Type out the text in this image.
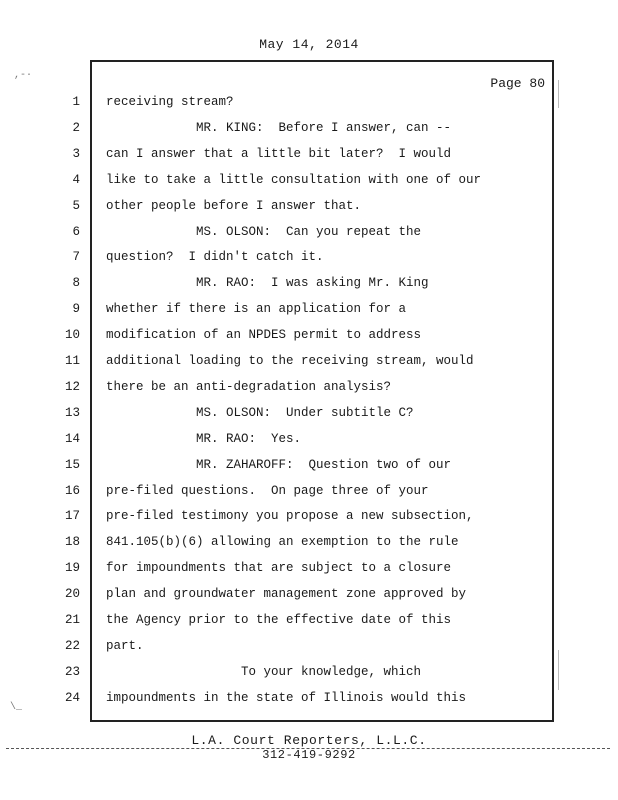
May 14, 2014
Page 80
1 receiving stream?
2 MR. KING:  Before I answer, can --
3 can I answer that a little bit later?  I would
4 like to take a little consultation with one of our
5 other people before I answer that.
6 MS. OLSON:  Can you repeat the
7 question?  I didn't catch it.
8 MR. RAO:  I was asking Mr. King
9 whether if there is an application for a
10 modification of an NPDES permit to address
11 additional loading to the receiving stream, would
12 there be an anti-degradation analysis?
13 MS. OLSON:  Under subtitle C?
14 MR. RAO:  Yes.
15 MR. ZAHAROFF:  Question two of our
16 pre-filed questions.  On page three of your
17 pre-filed testimony you propose a new subsection,
18 841.105(b)(6) allowing an exemption to the rule
19 for impoundments that are subject to a closure
20 plan and groundwater management zone approved by
21 the Agency prior to the effective date of this
22 part.
23 To your knowledge, which
24 impoundments in the state of Illinois would this
L.A. Court Reporters, L.L.C.
312-419-9292
,-·
\_
